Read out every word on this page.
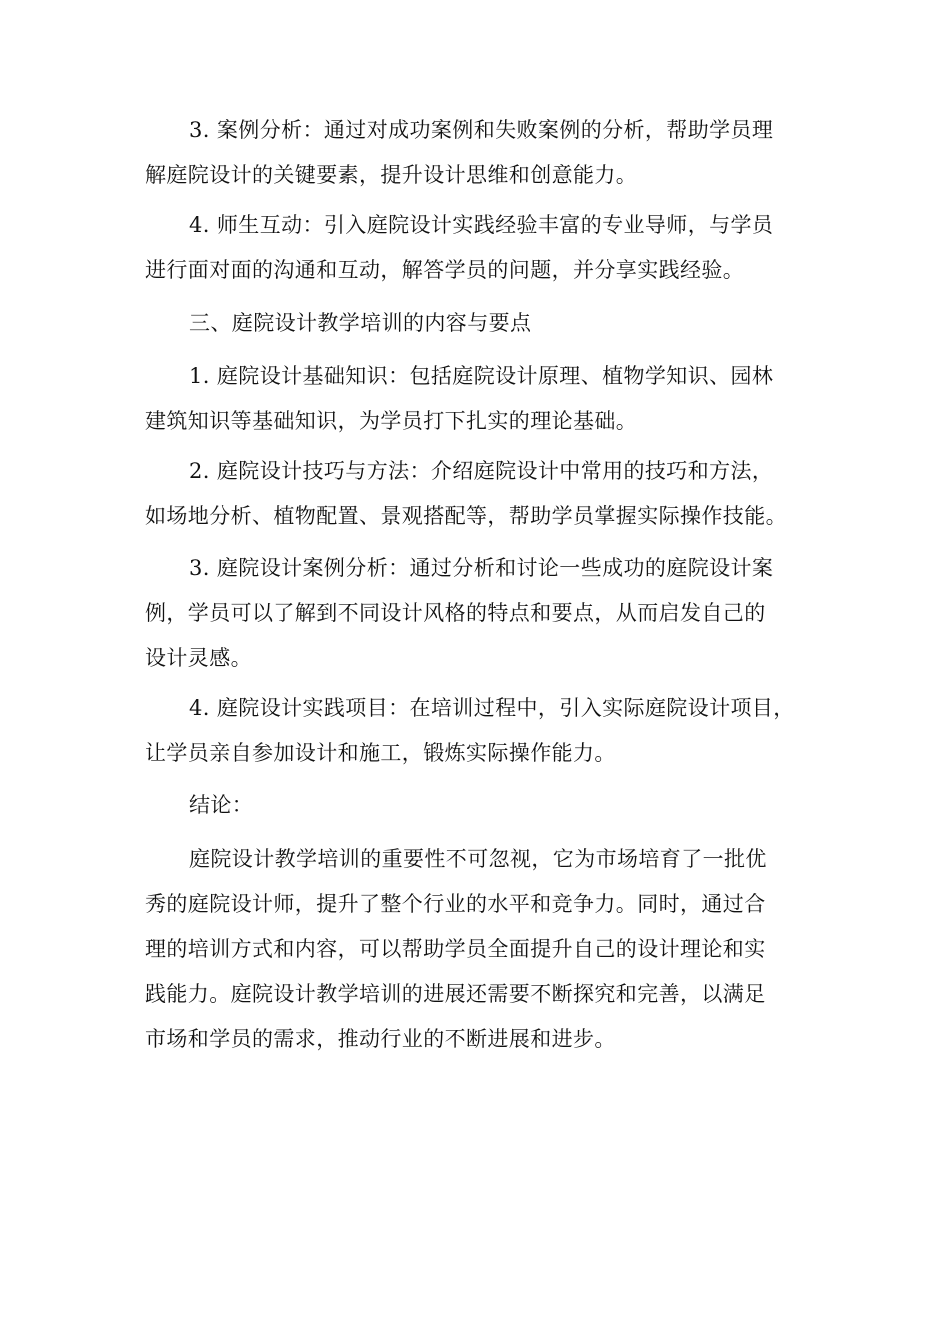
3. 案例分析：通过对成功案例和失败案例的分析，帮助学员理
解庭院设计的关键要素，提升设计思维和创意能力。
4. 师生互动：引入庭院设计实践经验丰富的专业导师，与学员
进行面对面的沟通和互动，解答学员的问题，并分享实践经验。
三、庭院设计教学培训的内容与要点
1. 庭院设计基础知识：包括庭院设计原理、植物学知识、园林
建筑知识等基础知识，为学员打下扎实的理论基础。
2. 庭院设计技巧与方法：介绍庭院设计中常用的技巧和方法，
如场地分析、植物配置、景观搭配等，帮助学员掌握实际操作技能。
3. 庭院设计案例分析：通过分析和讨论一些成功的庭院设计案
例，学员可以了解到不同设计风格的特点和要点，从而启发自己的
设计灵感。
4. 庭院设计实践项目：在培训过程中，引入实际庭院设计项目，
让学员亲自参加设计和施工，锻炼实际操作能力。
结论：
庭院设计教学培训的重要性不可忽视，它为市场培育了一批优
秀的庭院设计师，提升了整个行业的水平和竞争力。同时，通过合
理的培训方式和内容，可以帮助学员全面提升自己的设计理论和实
践能力。庭院设计教学培训的进展还需要不断探究和完善，以满足
市场和学员的需求，推动行业的不断进展和进步。
